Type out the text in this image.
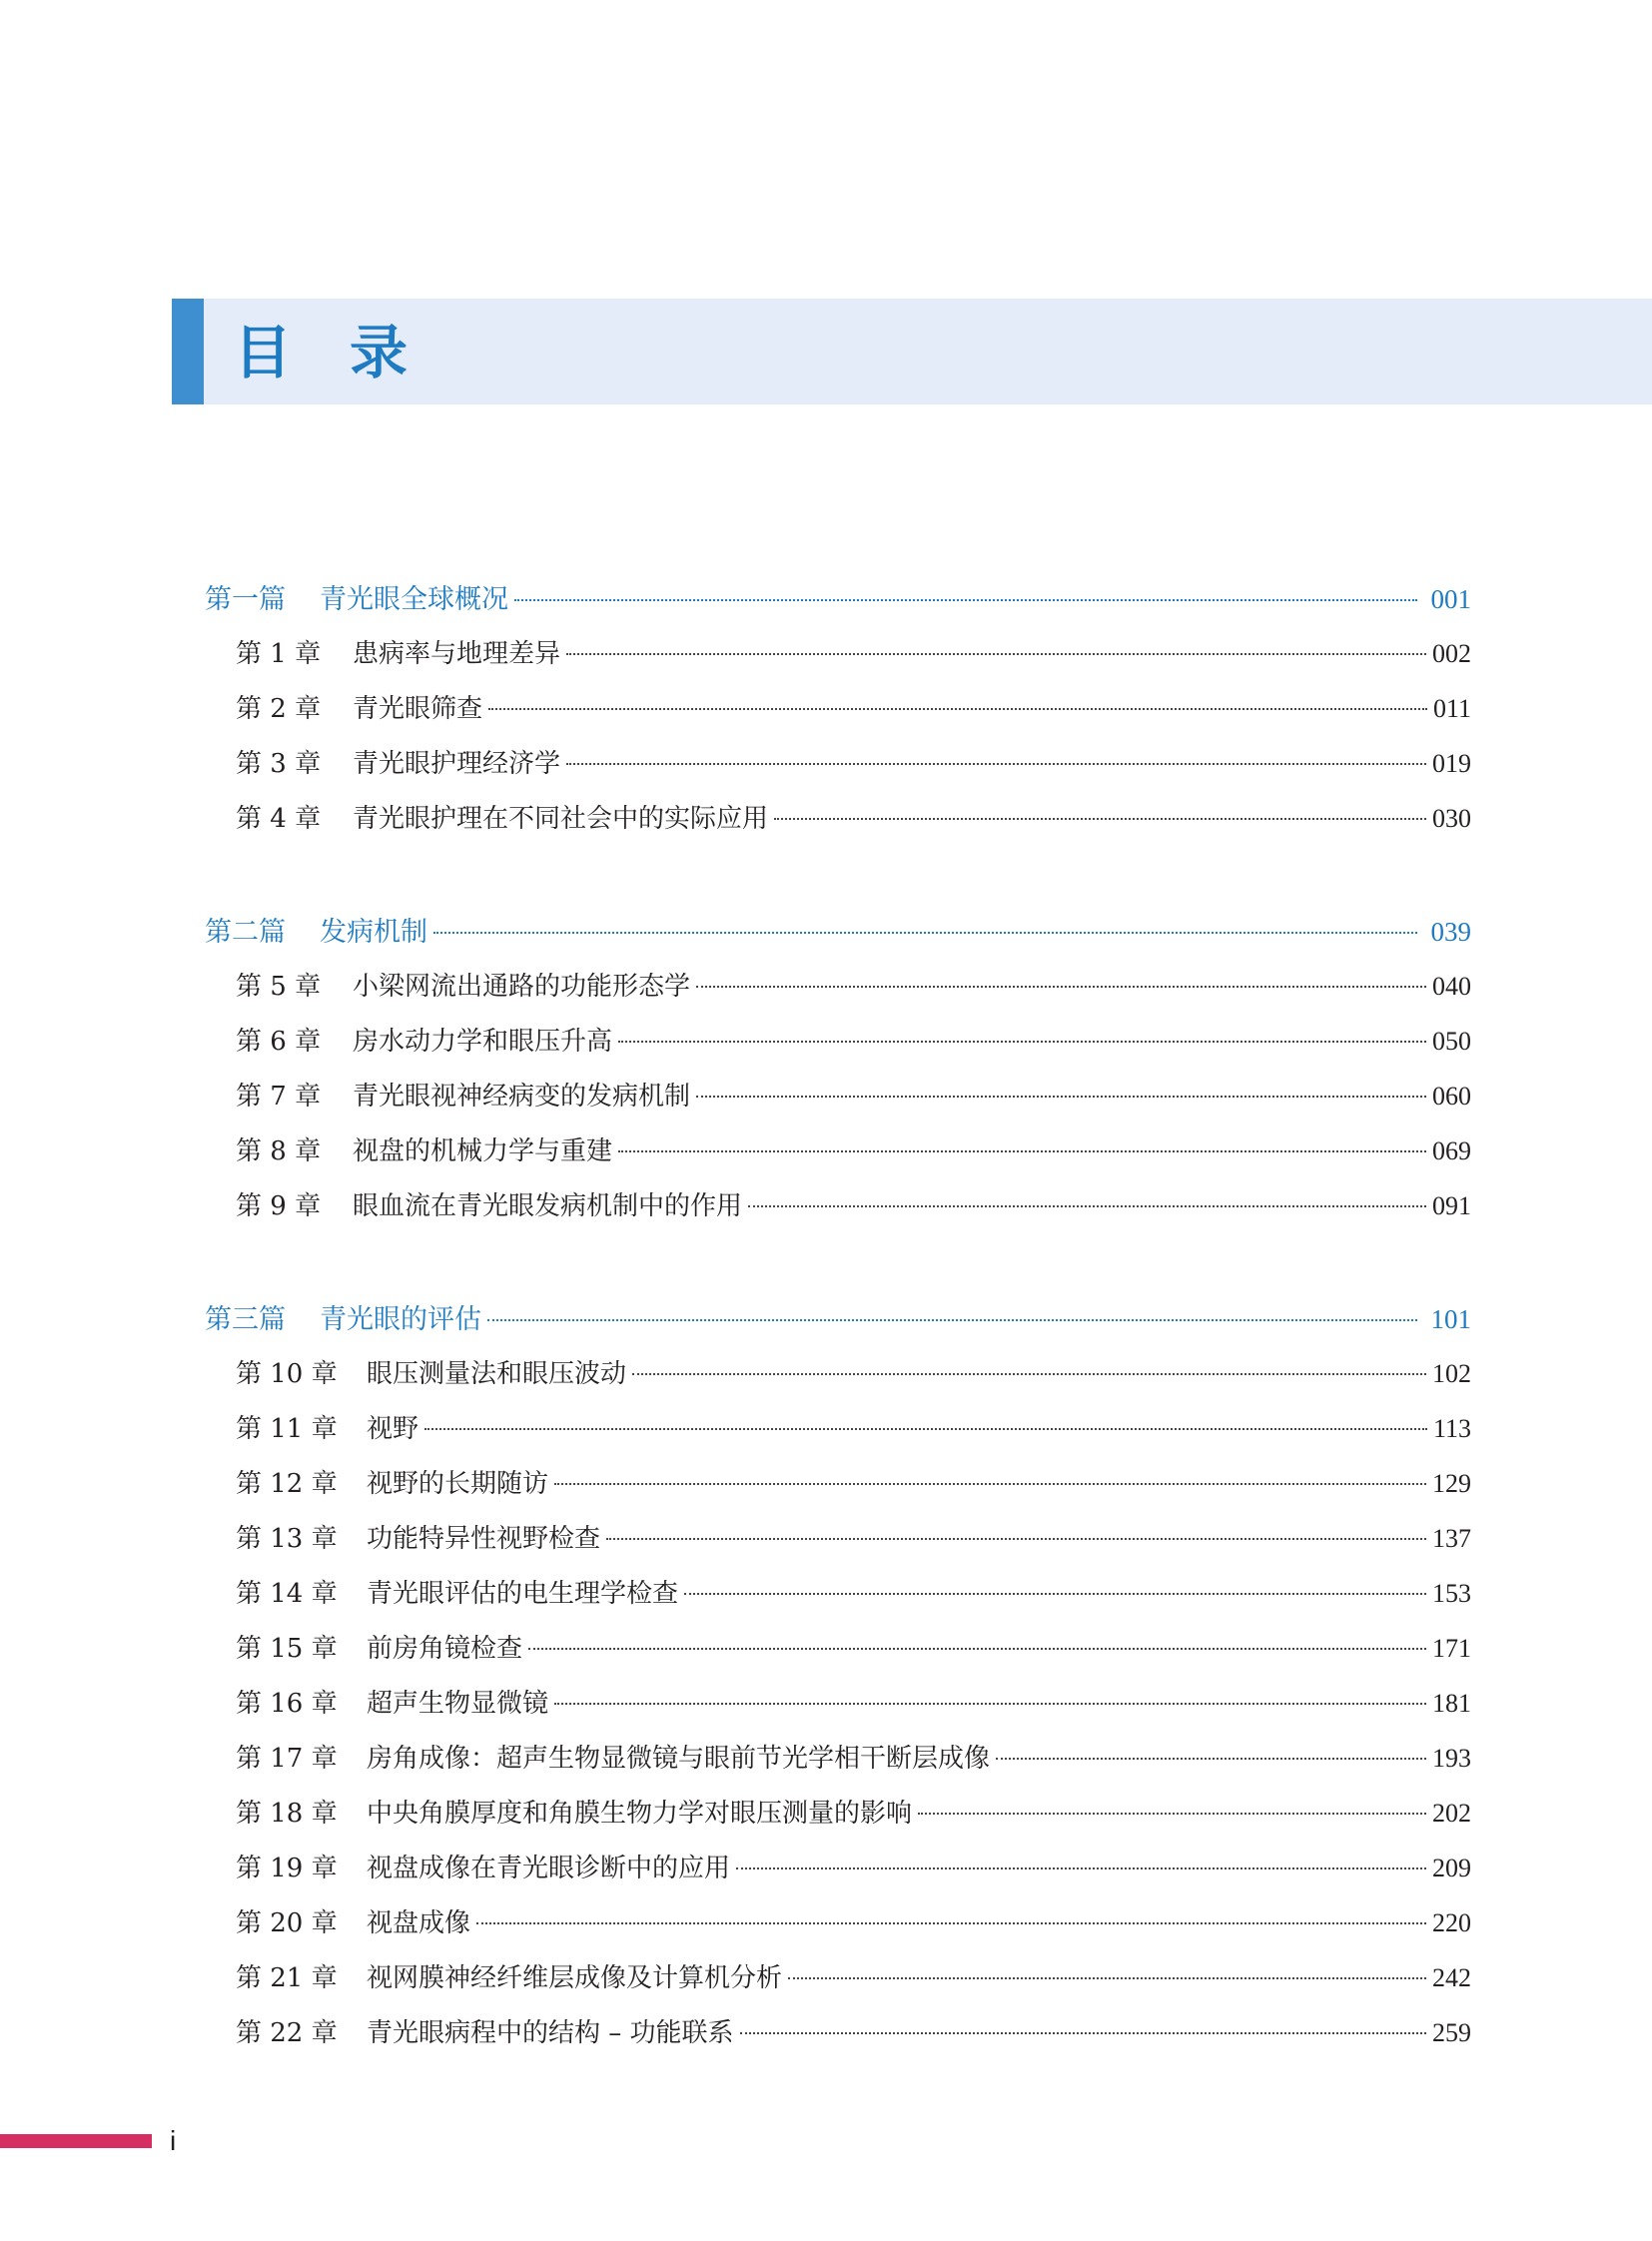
目录
第一篇	青光眼全球概况	001
第 1 章	患病率与地理差异	002
第 2 章	青光眼筛查	011
第 3 章	青光眼护理经济学	019
第 4 章	青光眼护理在不同社会中的实际应用	030
第二篇	发病机制	039
第 5 章	小梁网流出通路的功能形态学	040
第 6 章	房水动力学和眼压升高	050
第 7 章	青光眼视神经病变的发病机制	060
第 8 章	视盘的机械力学与重建	069
第 9 章	眼血流在青光眼发病机制中的作用	091
第三篇	青光眼的评估	101
第 10 章	眼压测量法和眼压波动	102
第 11 章	视野	113
第 12 章	视野的长期随访	129
第 13 章	功能特异性视野检查	137
第 14 章	青光眼评估的电生理学检查	153
第 15 章	前房角镜检查	171
第 16 章	超声生物显微镜	181
第 17 章	房角成像：超声生物显微镜与眼前节光学相干断层成像	193
第 18 章	中央角膜厚度和角膜生物力学对眼压测量的影响	202
第 19 章	视盘成像在青光眼诊断中的应用	209
第 20 章	视盘成像	220
第 21 章	视网膜神经纤维层成像及计算机分析	242
第 22 章	青光眼病程中的结构 – 功能联系	259
i
